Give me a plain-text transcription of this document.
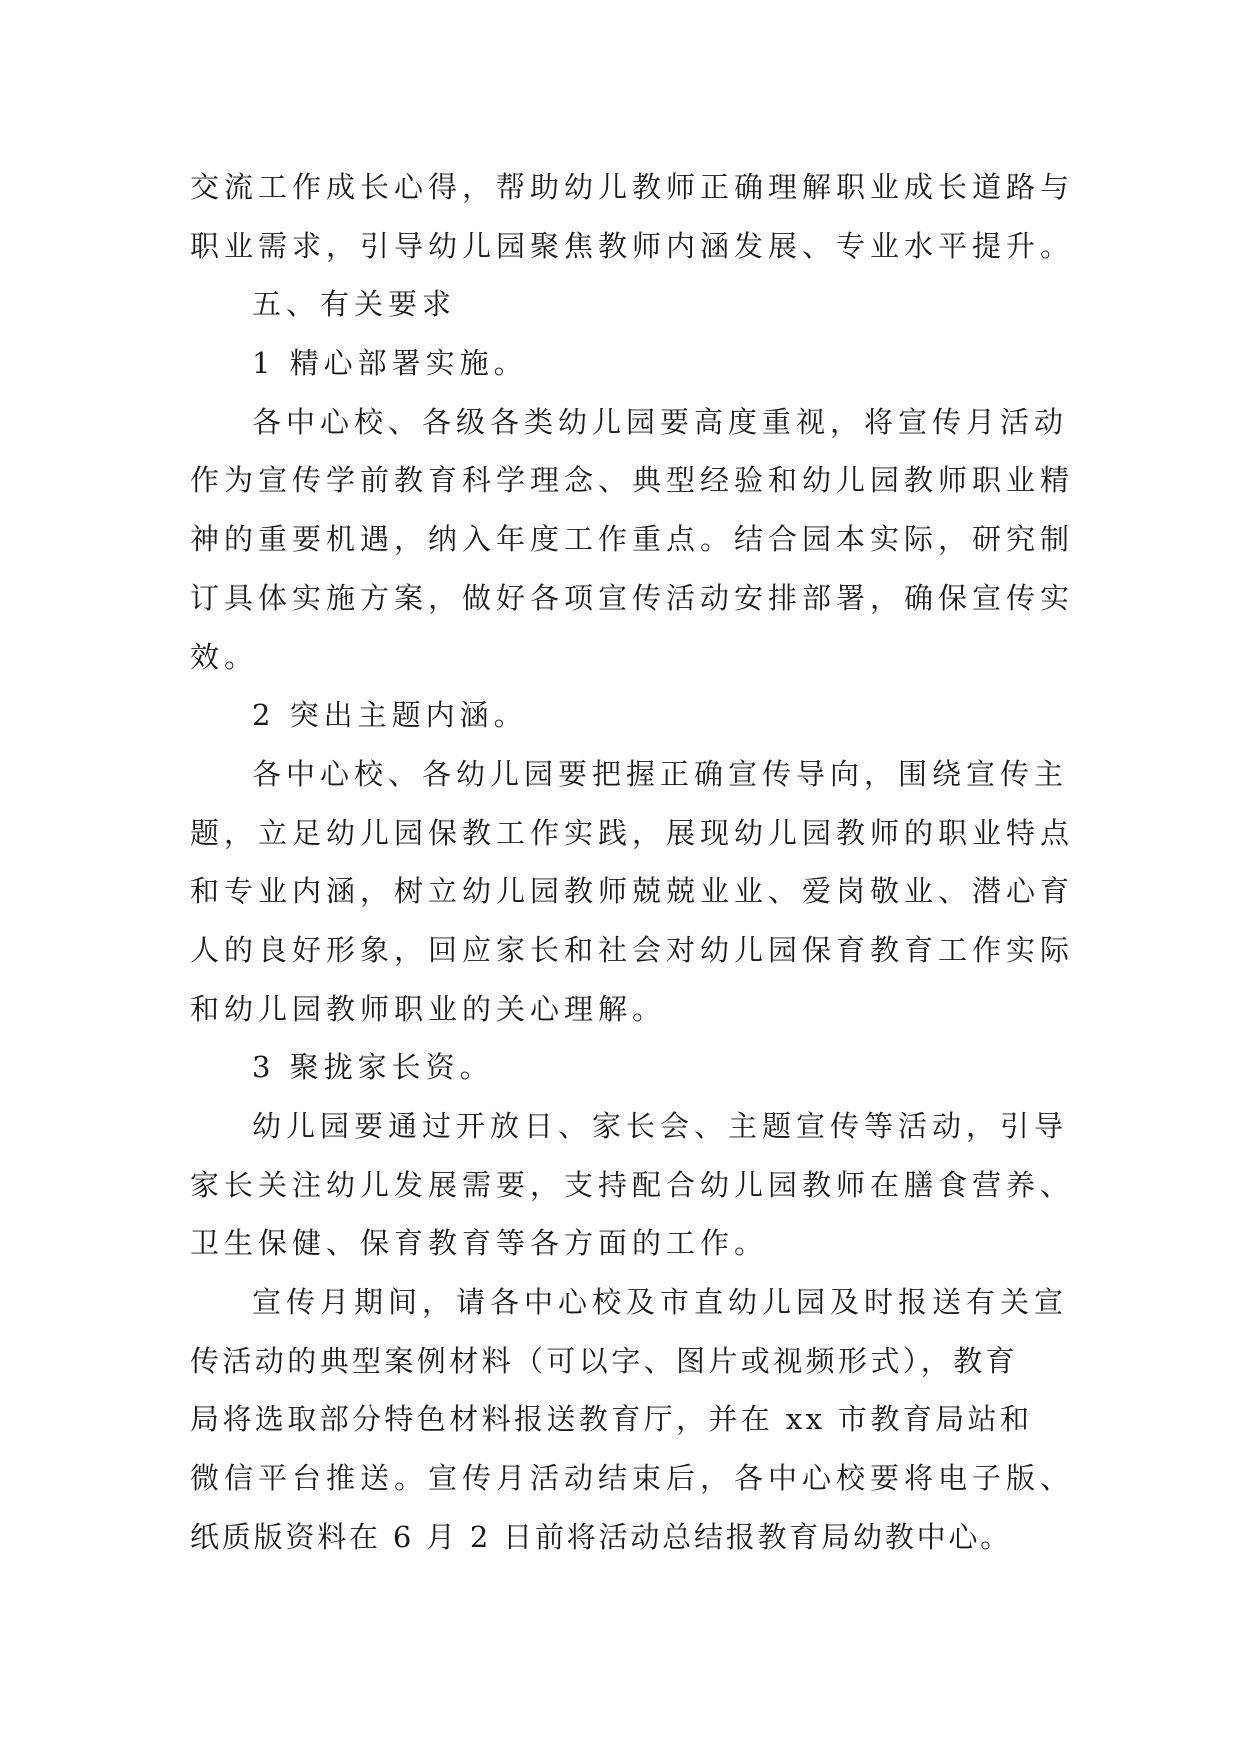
交流工作成长心得，帮助幼儿教师正确理解职业成长道路与
职业需求，引导幼儿园聚焦教师内涵发展、专业水平提升。
五、有关要求
1 精心部署实施。
各中心校、各级各类幼儿园要高度重视，将宣传月活动
作为宣传学前教育科学理念、典型经验和幼儿园教师职业精
神的重要机遇，纳入年度工作重点。结合园本实际，研究制
订具体实施方案，做好各项宣传活动安排部署，确保宣传实
效。
2 突出主题内涵。
各中心校、各幼儿园要把握正确宣传导向，围绕宣传主
题，立足幼儿园保教工作实践，展现幼儿园教师的职业特点
和专业内涵，树立幼儿园教师兢兢业业、爱岗敬业、潜心育
人的良好形象，回应家长和社会对幼儿园保育教育工作实际
和幼儿园教师职业的关心理解。
3 聚拢家长资。
幼儿园要通过开放日、家长会、主题宣传等活动，引导
家长关注幼儿发展需要，支持配合幼儿园教师在膳食营养、
卫生保健、保育教育等各方面的工作。
宣传月期间，请各中心校及市直幼儿园及时报送有关宣
传活动的典型案例材料（可以字、图片或视频形式），教育
局将选取部分特色材料报送教育厅，并在 xx 市教育局站和
微信平台推送。宣传月活动结束后，各中心校要将电子版、
纸质版资料在 6 月 2 日前将活动总结报教育局幼教中心。
